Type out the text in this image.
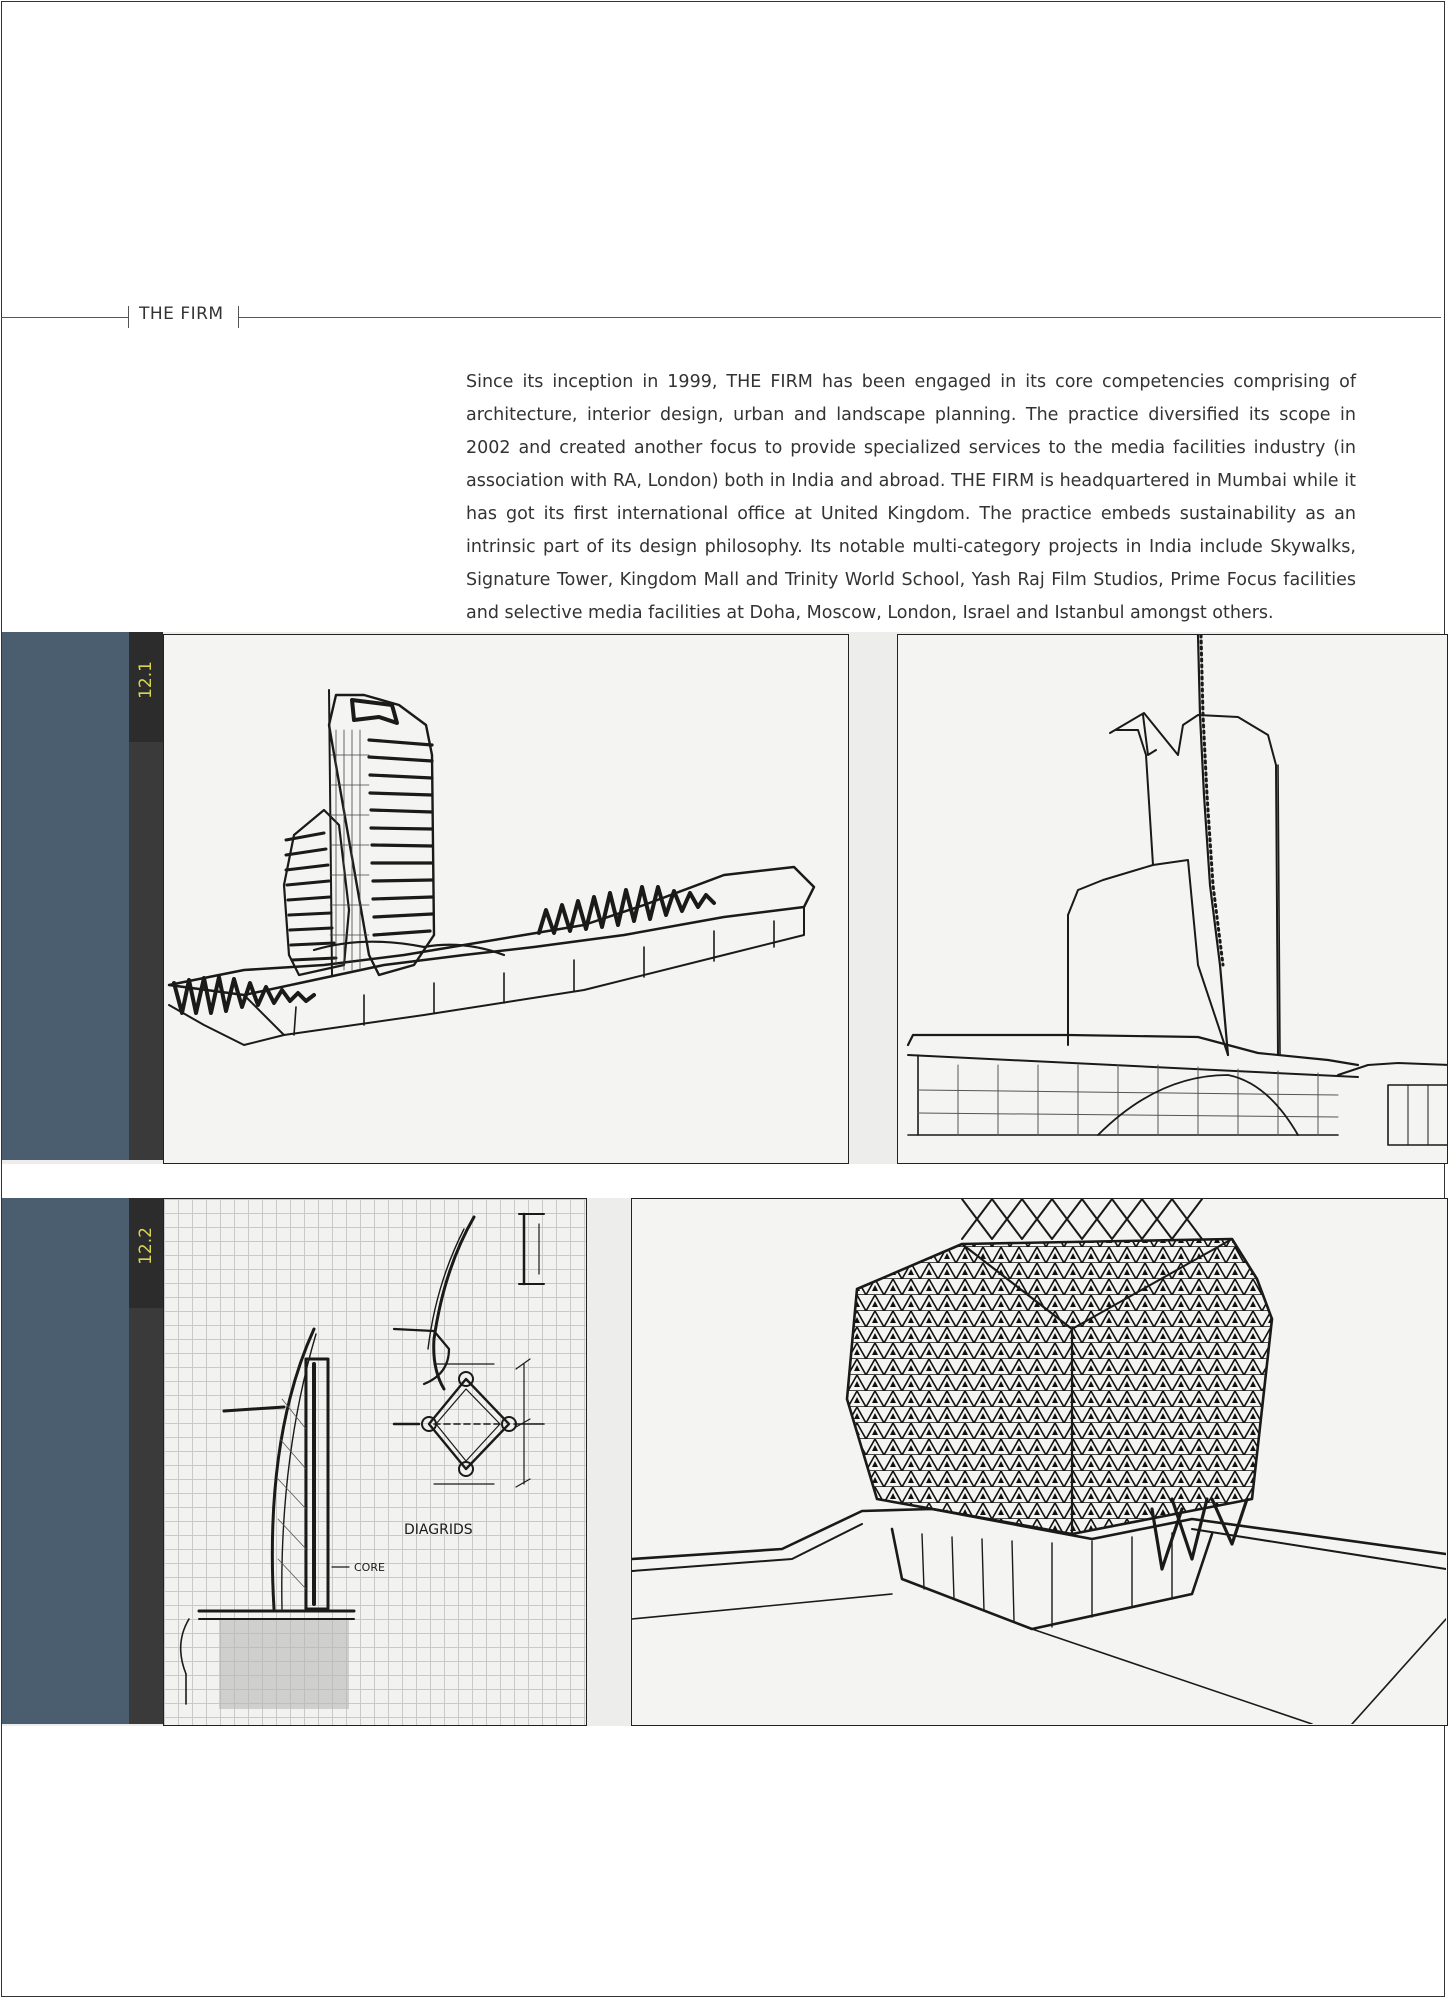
THE FIRM

Since its inception in 1999, THE FIRM has been engaged in its core competencies comprising of architecture, interior design, urban and landscape planning. The practice diversified its scope in 2002 and created another focus to provide specialized services to the media facilities industry (in association with RA, London) both in India and abroad. THE FIRM is headquartered in Mumbai while it has got its first international office at United Kingdom. The practice embeds sustainability as an intrinsic part of its design philosophy. Its notable multi-category projects in India include Skywalks, Signature Tower, Kingdom Mall and Trinity World School, Yash Raj Film Studios, Prime Focus facilities and selective media facilities at Doha, Moscow, London, Israel and Istanbul amongst others.

12.1
12.2
CORE
DIAGRIDS
